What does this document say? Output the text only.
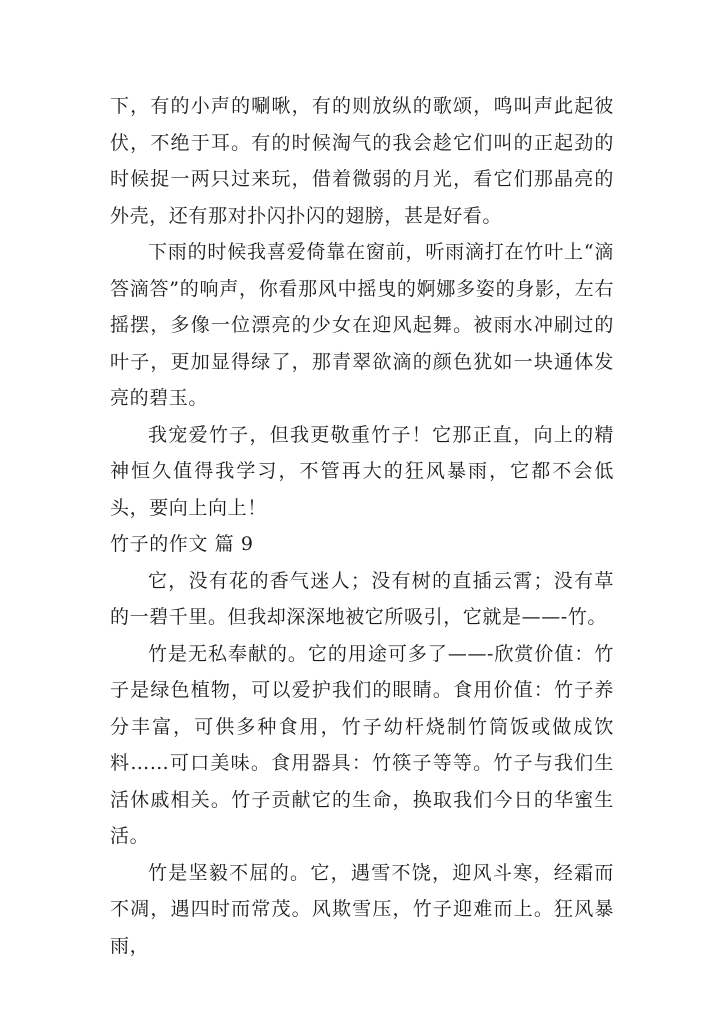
下，有的小声的唰啾，有的则放纵的歌颂，鸣叫声此起彼伏，不绝于耳。有的时候淘气的我会趁它们叫的正起劲的时候捉一两只过来玩，借着微弱的月光，看它们那晶亮的外壳，还有那对扑闪扑闪的翅膀，甚是好看。

下雨的时候我喜爱倚靠在窗前，听雨滴打在竹叶上“滴答滴答”的响声，你看那风中摇曳的婀娜多姿的身影，左右摇摆，多像一位漂亮的少女在迎风起舞。被雨水冲刷过的叶子，更加显得绿了，那青翠欲滴的颜色犹如一块通体发亮的碧玉。

我宠爱竹子，但我更敬重竹子！它那正直，向上的精神恒久值得我学习，不管再大的狂风暴雨，它都不会低头，要向上向上！

竹子的作文 篇 9

它，没有花的香气迷人；没有树的直插云霄；没有草的一碧千里。但我却深深地被它所吸引，它就是——-竹。

竹是无私奉献的。它的用途可多了——-欣赏价值：竹子是绿色植物，可以爱护我们的眼睛。食用价值：竹子养分丰富，可供多种食用，竹子幼杆烧制竹筒饭或做成饮料……可口美味。食用器具：竹筷子等等。竹子与我们生活休戚相关。竹子贡献它的生命，换取我们今日的华蜜生活。

竹是坚毅不屈的。它，遇雪不饶，迎风斗寒，经霜而不凋，遇四时而常茂。风欺雪压，竹子迎难而上。狂风暴雨，
